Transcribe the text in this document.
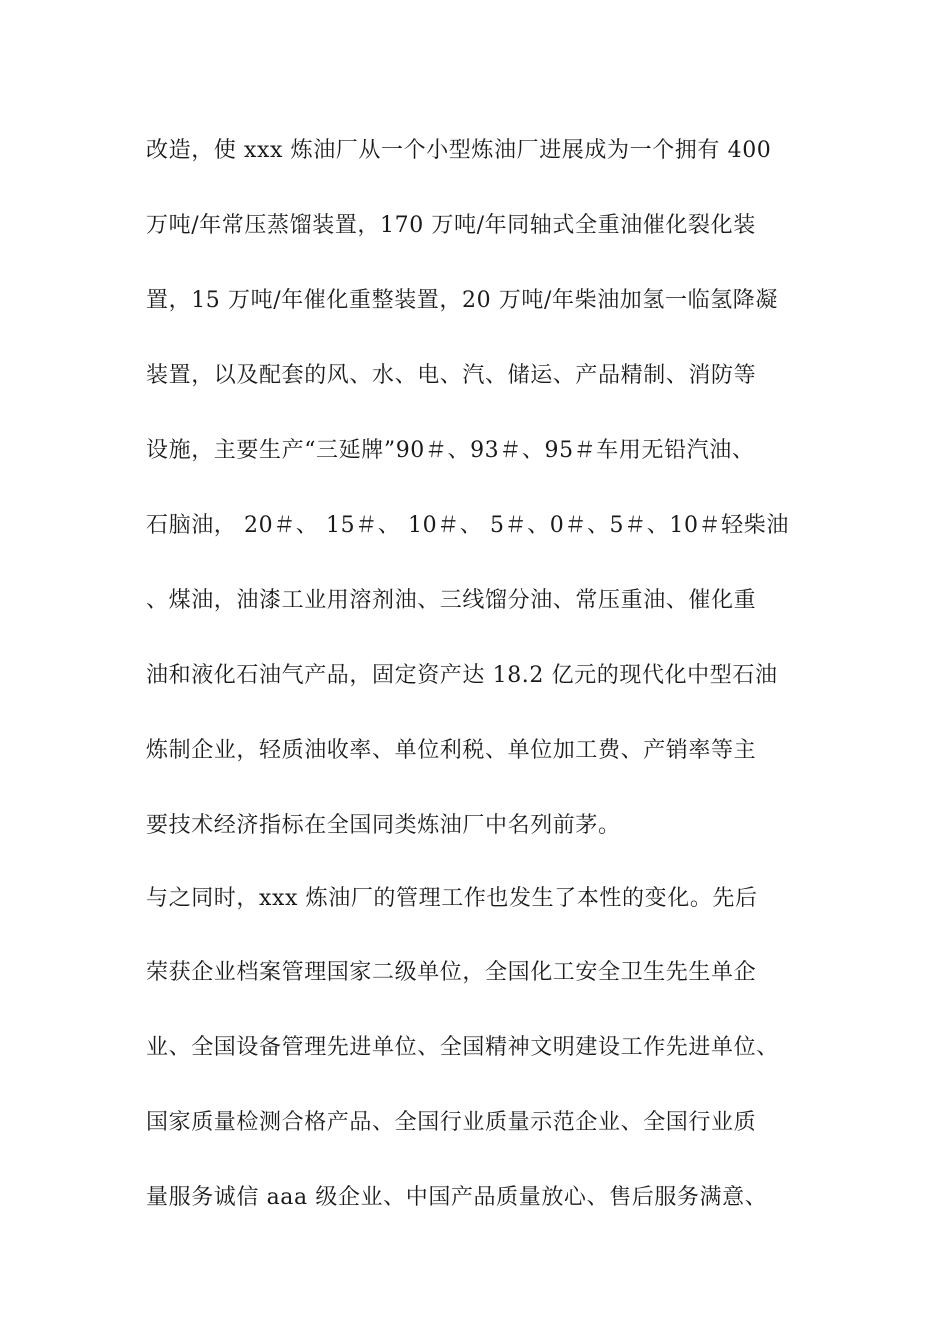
改造，使 xxx 炼油厂从一个小型炼油厂进展成为一个拥有 400
万吨/年常压蒸馏装置，170 万吨/年同轴式全重油催化裂化装
置，15 万吨/年催化重整装置，20 万吨/年柴油加氢一临氢降凝
装置，以及配套的风、水、电、汽、储运、产品精制、消防等
设施，主要生产“三延牌”90＃、93＃、95＃车用无铅汽油、
石脑油， 20＃、 15＃、 10＃、 5＃、0＃、5＃、10＃轻柴油
、煤油，油漆工业用溶剂油、三线馏分油、常压重油、催化重
油和液化石油气产品，固定资产达 18.2 亿元的现代化中型石油
炼制企业，轻质油收率、单位利税、单位加工费、产销率等主
要技术经济指标在全国同类炼油厂中名列前茅。
与之同时，xxx 炼油厂的管理工作也发生了本性的变化。先后
荣获企业档案管理国家二级单位，全国化工安全卫生先生单企
业、全国设备管理先进单位、全国精神文明建设工作先进单位、
国家质量检测合格产品、全国行业质量示范企业、全国行业质
量服务诚信 aaa 级企业、中国产品质量放心、售后服务满意、
